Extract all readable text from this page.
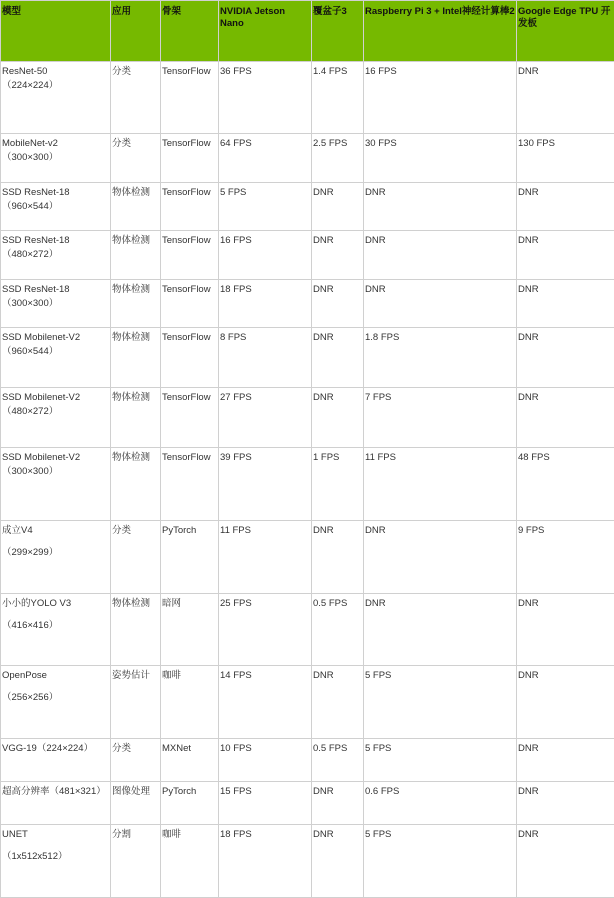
模型	应用	骨架	NVIDIA Jetson Nano	覆盆子3	Raspberry Pi 3 + Intel神经计算棒2	Google Edge TPU 开发板

ResNet-50
（224×224）	分类	TensorFlow	36 FPS	1.4 FPS	16 FPS	DNR

MobileNet-v2
（300×300）	分类	TensorFlow	64 FPS	2.5 FPS	30 FPS	130 FPS

SSD ResNet-18
（960×544）	物体检测	TensorFlow	5 FPS	DNR	DNR	DNR

SSD ResNet-18
（480×272）	物体检测	TensorFlow	16 FPS	DNR	DNR	DNR

SSD ResNet-18
（300×300）	物体检测	TensorFlow	18 FPS	DNR	DNR	DNR

SSD Mobilenet-V2
（960×544）	物体检测	TensorFlow	8 FPS	DNR	1.8 FPS	DNR

SSD Mobilenet-V2
（480×272）	物体检测	TensorFlow	27 FPS	DNR	7 FPS	DNR

SSD Mobilenet-V2
（300×300）	物体检测	TensorFlow	39 FPS	1 FPS	11 FPS	48 FPS

成立V4
（299×299）	分类	PyTorch	11 FPS	DNR	DNR	9 FPS

小小的YOLO V3
（416×416）	物体检测	暗网	25 FPS	0.5 FPS	DNR	DNR

OpenPose
（256×256）	姿势估计	咖啡	14 FPS	DNR	5 FPS	DNR

VGG-19（224×224）	分类	MXNet	10 FPS	0.5 FPS	5 FPS	DNR

超高分辨率（481×321）	图像处理	PyTorch	15 FPS	DNR	0.6 FPS	DNR

UNET
（1x512x512）	分割	咖啡	18 FPS	DNR	5 FPS	DNR
